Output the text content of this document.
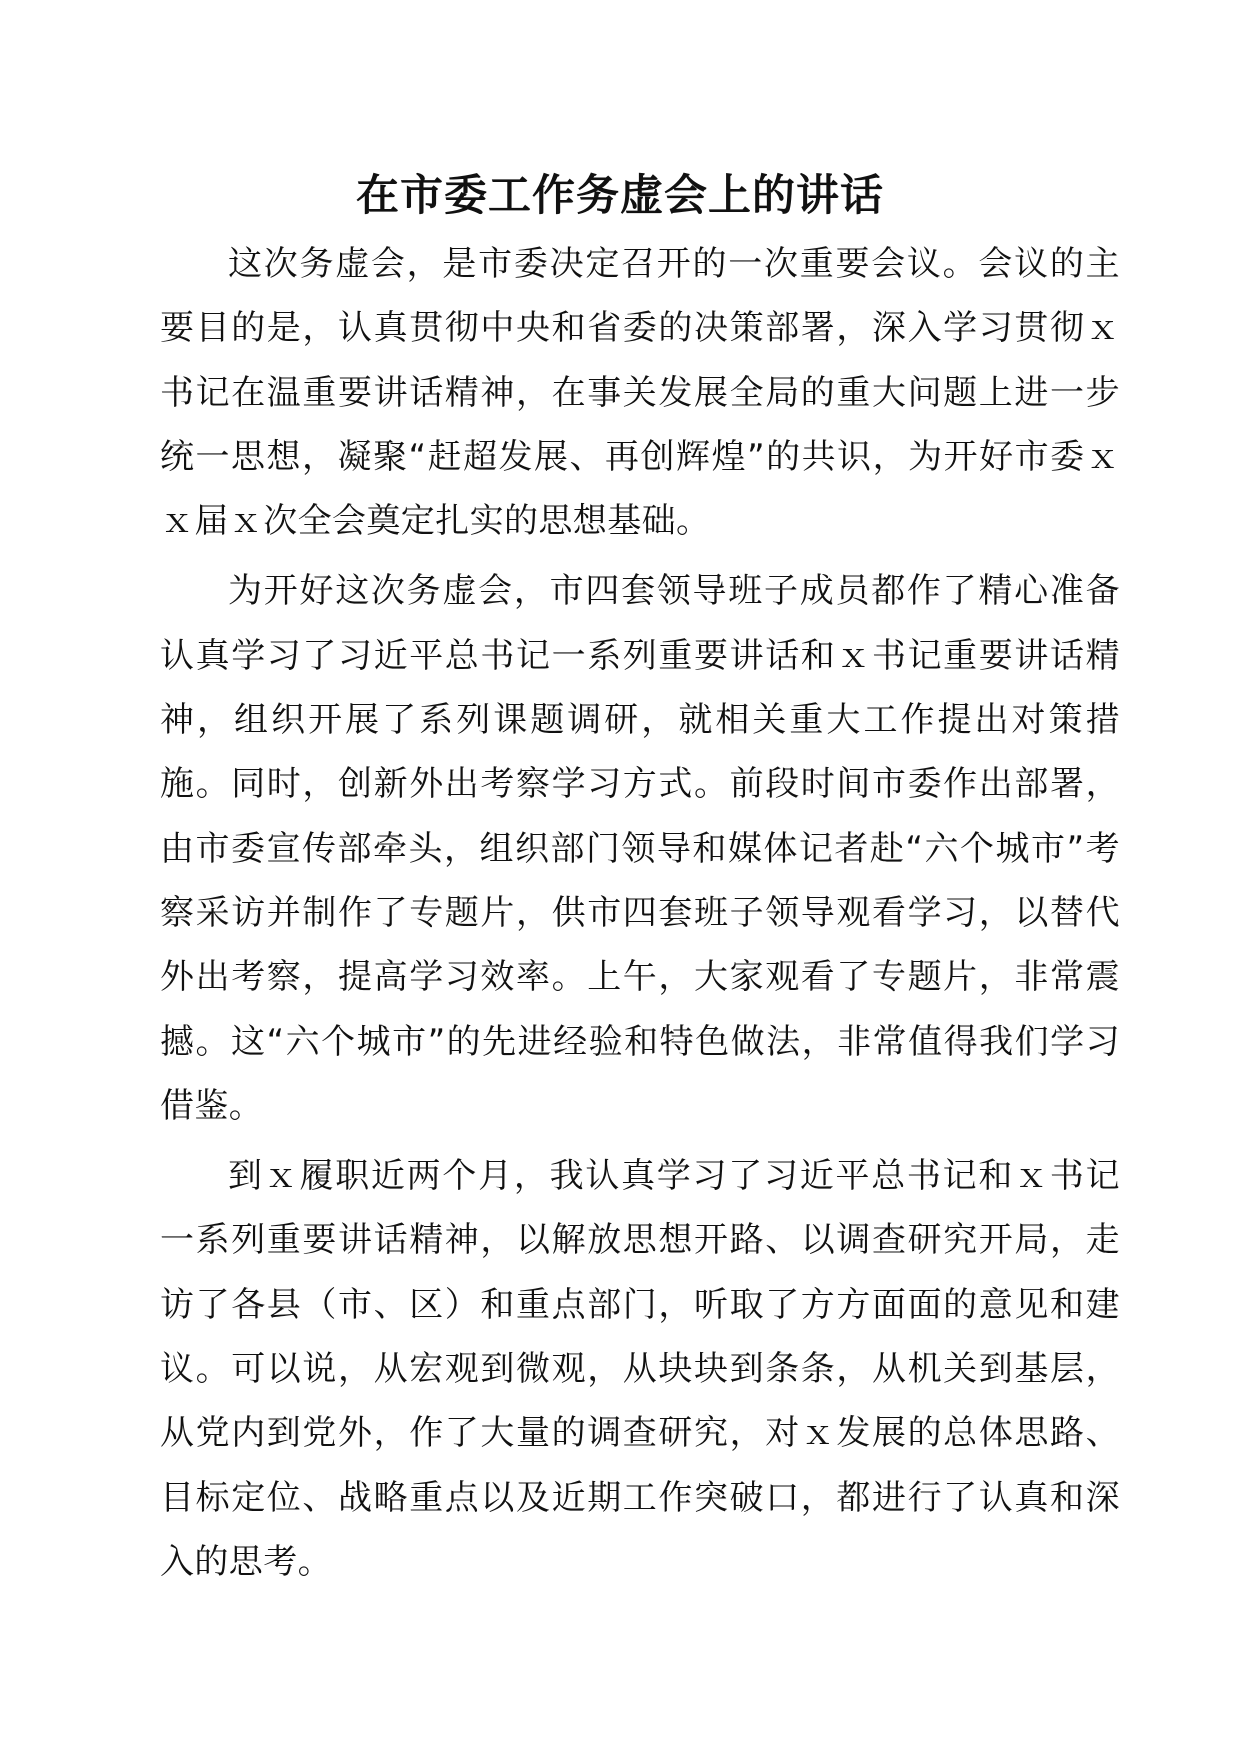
在市委工作务虚会上的讲话

这次务虚会，是市委决定召开的一次重要会议。会议的主要目的是，认真贯彻中央和省委的决策部署，深入学习贯彻ｘ书记在温重要讲话精神，在事关发展全局的重大问题上进一步统一思想，凝聚“赶超发展、再创辉煌”的共识，为开好市委ｘｘ届ｘ次全会奠定扎实的思想基础。

为开好这次务虚会，市四套领导班子成员都作了精心准备认真学习了习近平总书记一系列重要讲话和ｘ书记重要讲话精神，组织开展了系列课题调研，就相关重大工作提出对策措施。同时，创新外出考察学习方式。前段时间市委作出部署，由市委宣传部牵头，组织部门领导和媒体记者赴“六个城市”考察采访并制作了专题片，供市四套班子领导观看学习，以替代外出考察，提高学习效率。上午，大家观看了专题片，非常震撼。这“六个城市”的先进经验和特色做法，非常值得我们学习借鉴。

到ｘ履职近两个月，我认真学习了习近平总书记和ｘ书记一系列重要讲话精神，以解放思想开路、以调查研究开局，走访了各县（市、区）和重点部门，听取了方方面面的意见和建议。可以说，从宏观到微观，从块块到条条，从机关到基层，从党内到党外，作了大量的调查研究，对ｘ发展的总体思路、目标定位、战略重点以及近期工作突破口，都进行了认真和深入的思考。
